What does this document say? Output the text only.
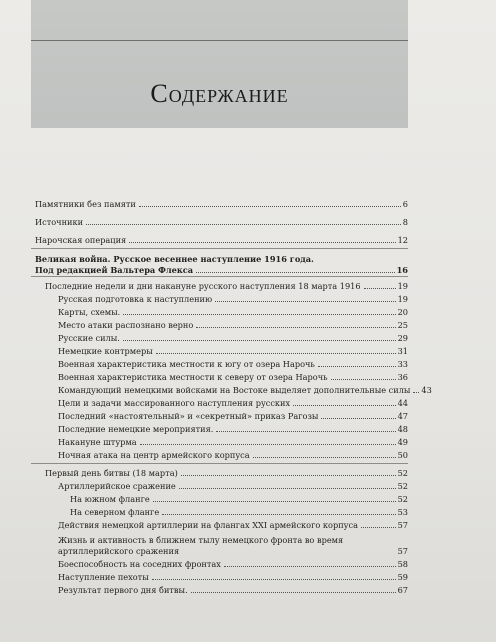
Содержание
Памятники без памяти	6
Источники	8
Нарочская операция	12
Великая война. Русское весеннее наступление 1916 года.
Под редакцией Вальтера Флекса	16
Последние недели и дни накануне русского наступления 18 марта 1916	19
Русская подготовка к наступлению	19
Карты, схемы.	20
Место атаки распознано верно	25
Русские силы.	29
Немецкие контрмеры	31
Военная характеристика местности к югу от озера Нарочь	33
Военная характеристика местности к северу от озера Нарочь	36
Командующий немецкими войсками на Востоке выделяет дополнительные силы 43
Цели и задачи массированного наступления русских	44
Последний «настоятельный» и «секретный» приказ Рагозы	47
Последние немецкие мероприятия.	48
Накануне штурма	49
Ночная атака на центр армейского корпуса	50
Первый день битвы (18 марта)	52
Артиллерийское сражение	52
На южном фланге	52
На северном фланге	53
Действия немецкой артиллерии на флангах XXI армейского корпуса	57
Жизнь и активность в ближнем тылу немецкого фронта во время артиллерийского сражения	57
Боеспособность на соседних фронтах	58
Наступление пехоты	59
Результат первого дня битвы.	67
